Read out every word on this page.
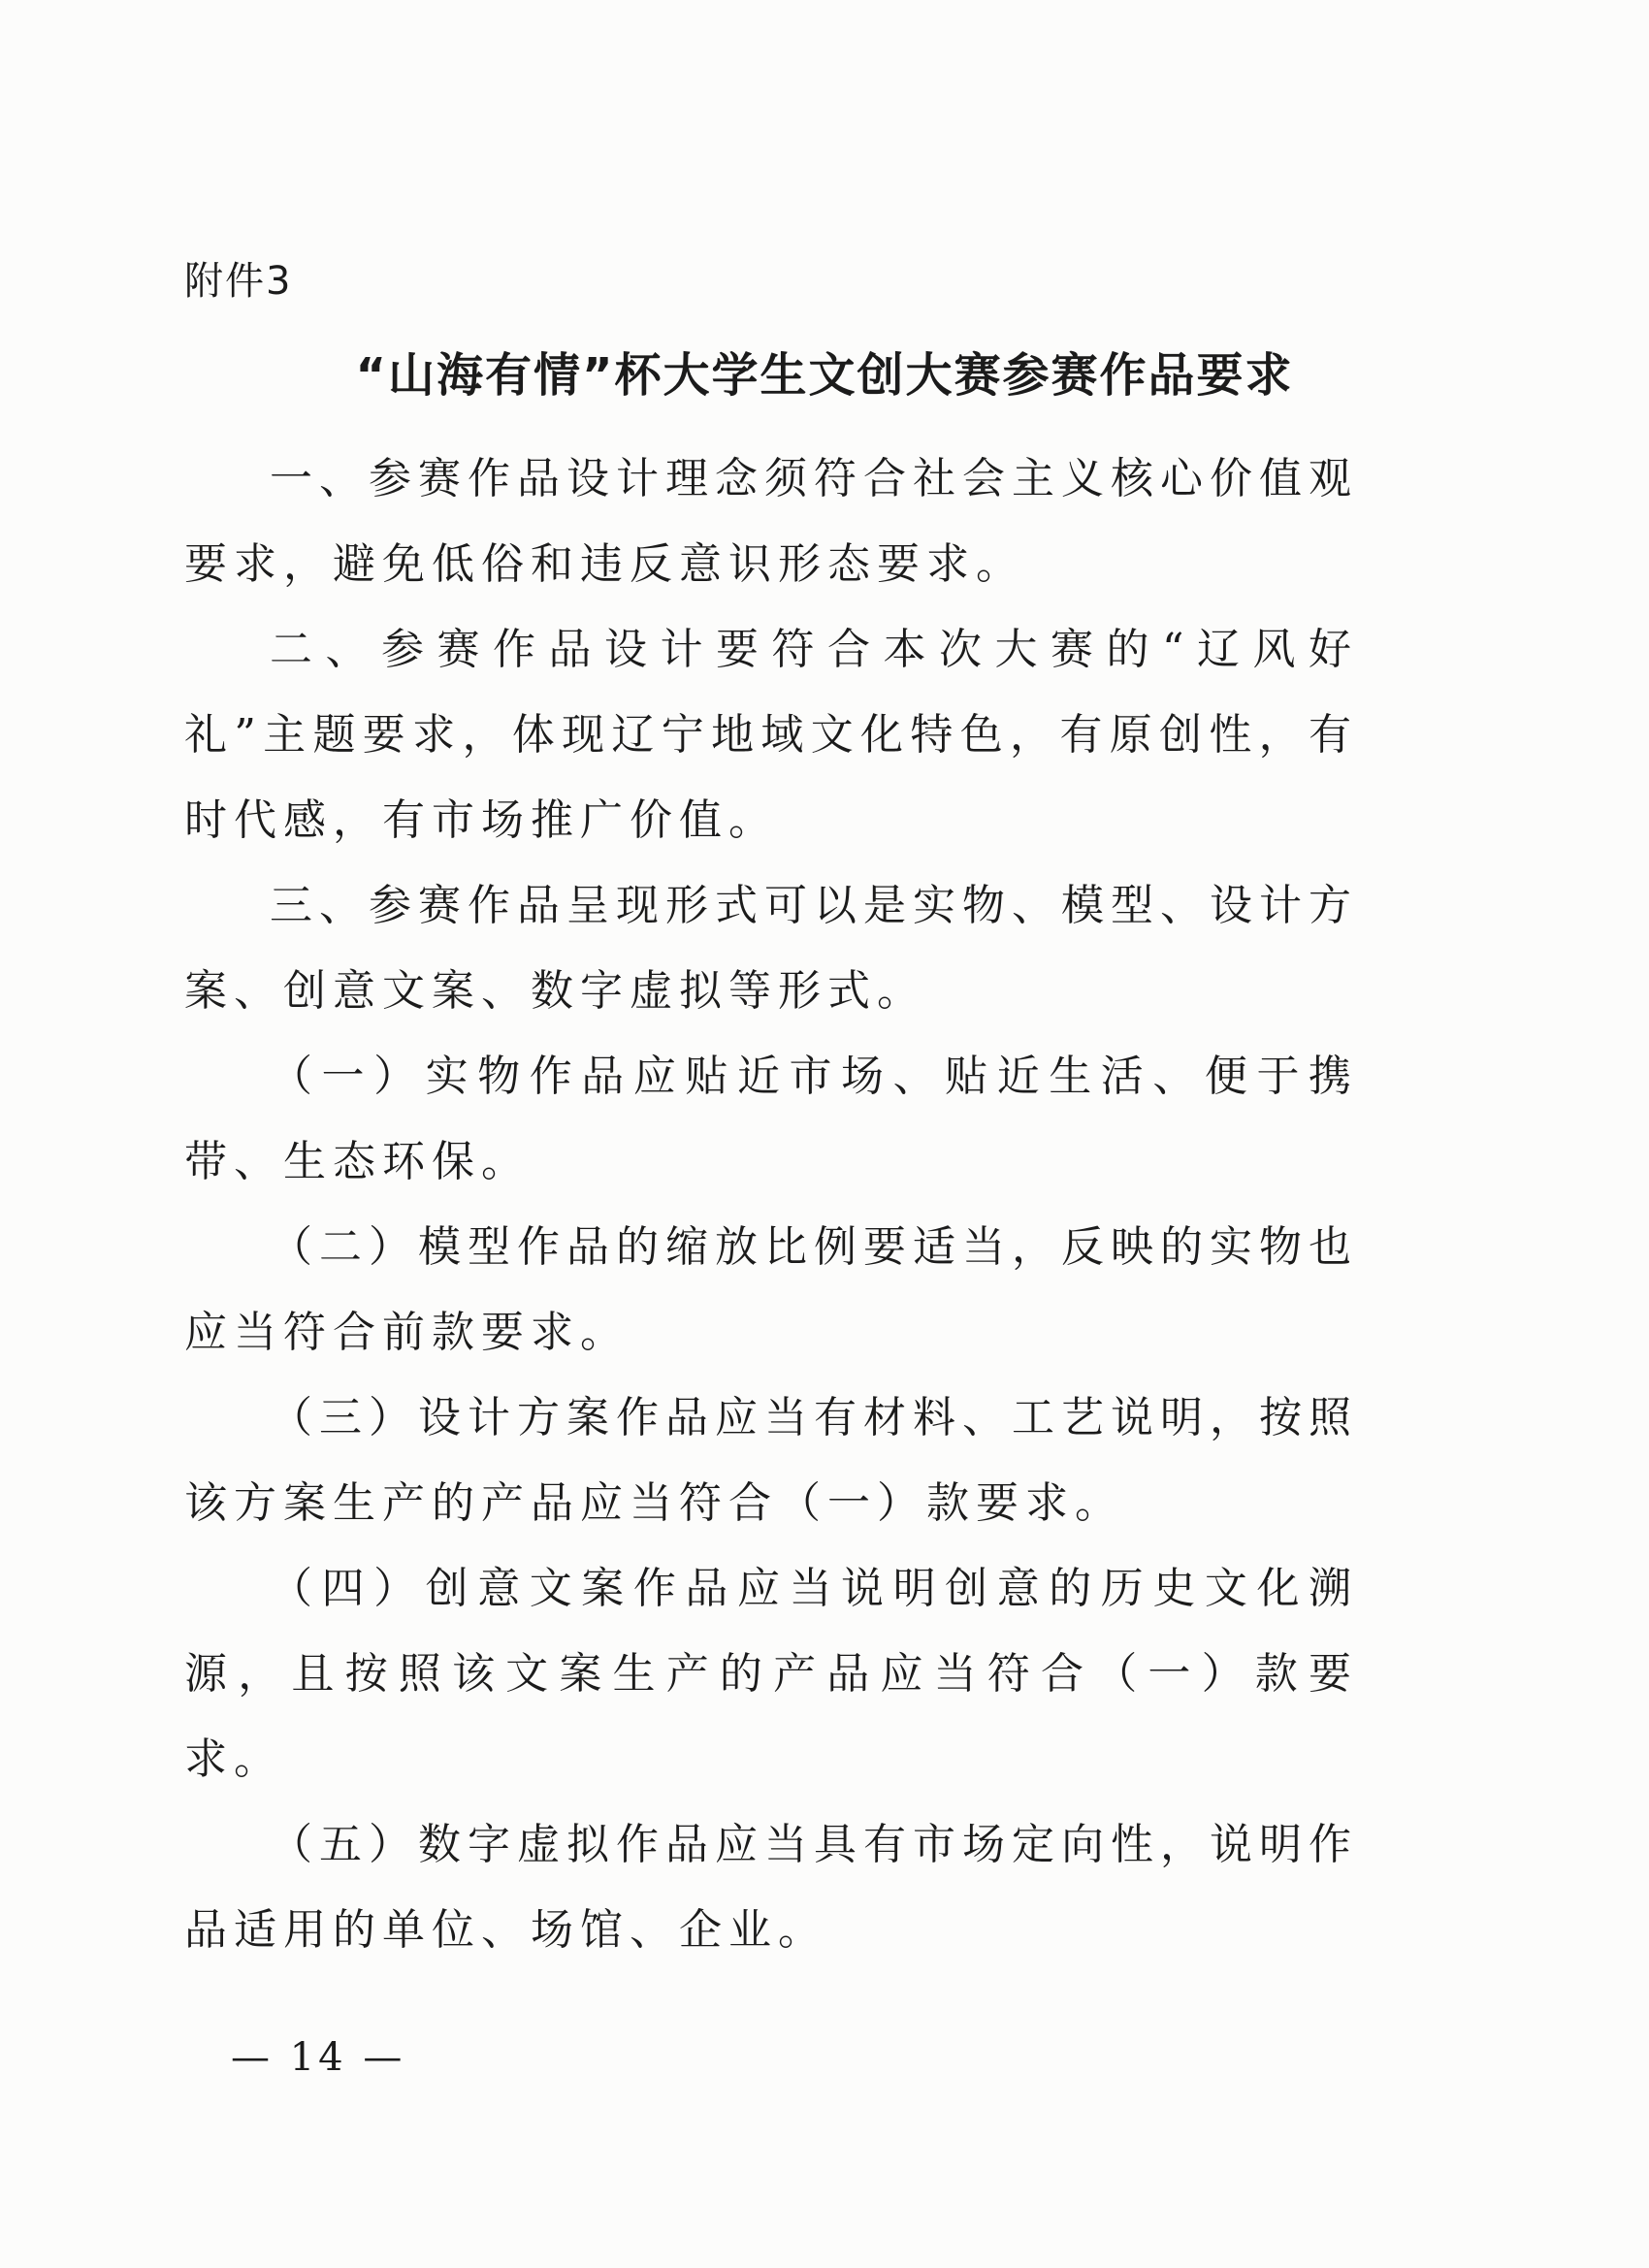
附件3
“山海有情”杯大学生文创大赛参赛作品要求

一、参赛作品设计理念须符合社会主义核心价值观要求，避免低俗和违反意识形态要求。

二、参赛作品设计要符合本次大赛的“辽风好礼”主题要求，体现辽宁地域文化特色，有原创性，有时代感，有市场推广价值。

三、参赛作品呈现形式可以是实物、模型、设计方案、创意文案、数字虚拟等形式。

（一）实物作品应贴近市场、贴近生活、便于携带、生态环保。

（二）模型作品的缩放比例要适当，反映的实物也应当符合前款要求。

（三）设计方案作品应当有材料、工艺说明，按照该方案生产的产品应当符合（一）款要求。

（四）创意文案作品应当说明创意的历史文化溯源，且按照该文案生产的产品应当符合（一）款要求。

（五）数字虚拟作品应当具有市场定向性，说明作品适用的单位、场馆、企业。

— 14 —
